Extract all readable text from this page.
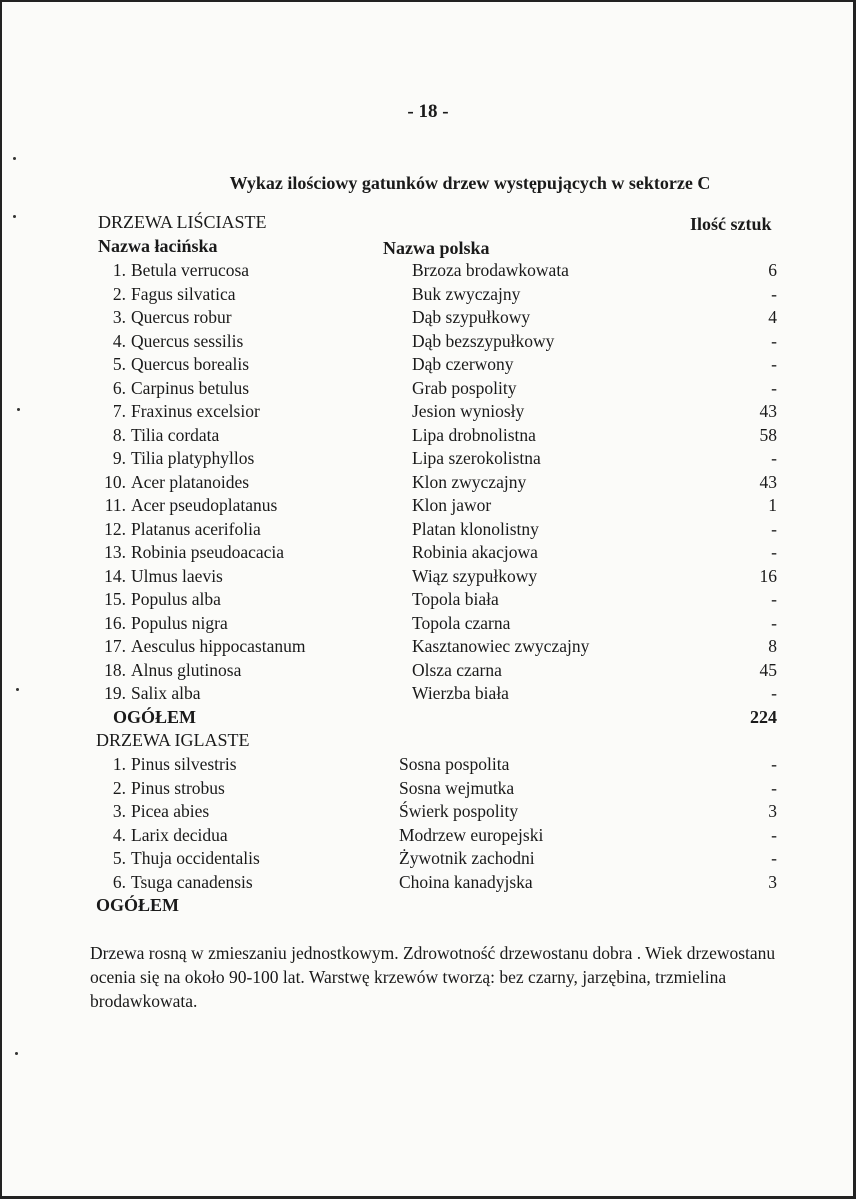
- 18 -
Wykaz ilościowy gatunków drzew występujących w sektorze C
DRZEWA LIŚCIASTE	Ilość sztuk
Nazwa łacińska	Nazwa polska
1. Betula verrucosa	Brzoza brodawkowata	6
2. Fagus silvatica	Buk zwyczajny	-
3. Quercus robur	Dąb szypułkowy	4
4. Quercus sessilis	Dąb bezszypułkowy	-
5. Quercus borealis	Dąb czerwony	-
6. Carpinus betulus	Grab pospolity	-
7. Fraxinus excelsior	Jesion wyniosły	43
8. Tilia cordata	Lipa drobnolistna	58
9. Tilia platyphyllos	Lipa szerokolistna	-
10. Acer platanoides	Klon zwyczajny	43
11. Acer pseudoplatanus	Klon jawor	1
12. Platanus acerifolia	Platan klonolistny	-
13. Robinia pseudoacacia	Robinia akacjowa	-
14. Ulmus laevis	Wiąz szypułkowy	16
15. Populus alba	Topola biała	-
16. Populus nigra	Topola czarna	-
17. Aesculus hippocastanum	Kasztanowiec zwyczajny	8
18. Alnus glutinosa	Olsza czarna	45
19. Salix alba	Wierzba biała	-
OGÓŁEM	224
DRZEWA IGLASTE
1. Pinus silvestris	Sosna pospolita	-
2. Pinus strobus	Sosna wejmutka	-
3. Picea abies	Świerk pospolity	3
4. Larix decidua	Modrzew europejski	-
5. Thuja occidentalis	Żywotnik zachodni	-
6. Tsuga canadensis	Choina kanadyjska	3
OGÓŁEM
Drzewa rosną w zmieszaniu jednostkowym. Zdrowotność drzewostanu dobra . Wiek drzewostanu ocenia się na około 90-100 lat. Warstwę krzewów tworzą: bez czarny, jarzębina, trzmielina brodawkowata.
